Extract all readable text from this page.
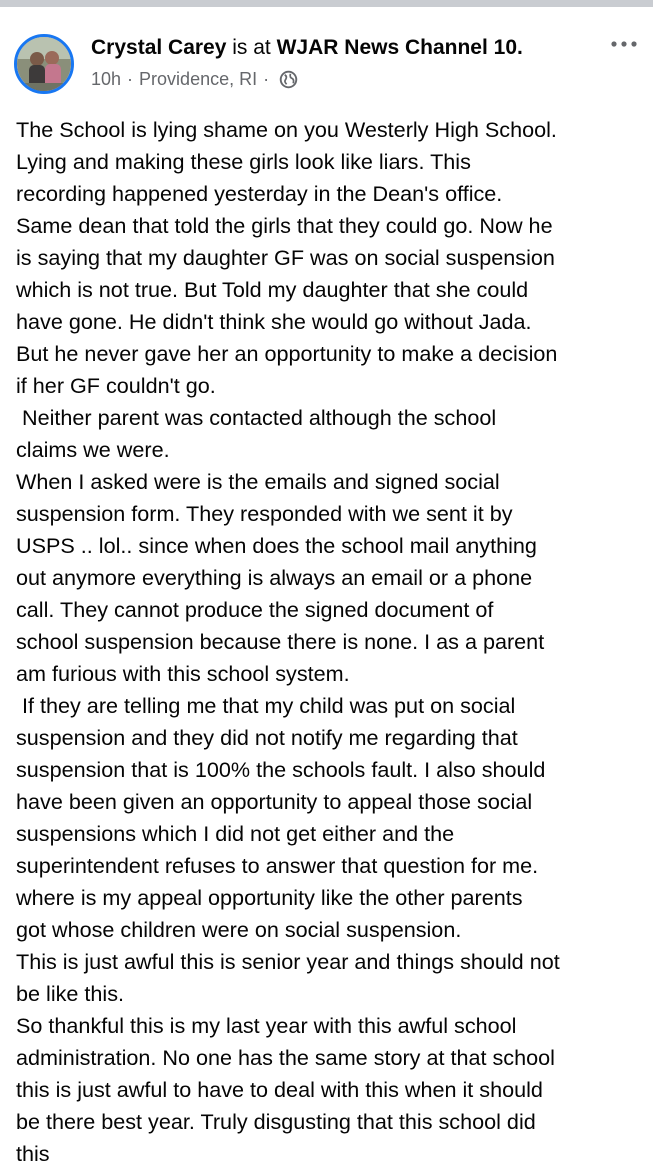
Crystal Carey is at WJAR News Channel 10.
10h · Providence, RI ·
The School is lying shame on you Westerly High School.
Lying and making these girls look like liars. This
recording happened yesterday in the Dean's office.
Same dean that told the girls that they could go. Now he
is saying that my daughter GF was on social suspension
which is not true. But Told my daughter that she could
have gone. He didn't think she would go without Jada.
But he never gave her an opportunity to make a decision
if her GF couldn't go.
Neither parent was contacted although the school
claims we were.
When I asked were is the emails and signed social
suspension form. They responded with we sent it by
USPS .. lol.. since when does the school mail anything
out anymore everything is always an email or a phone
call. They cannot produce the signed document of
school suspension because there is none. I as a parent
am furious with this school system.
If they are telling me that my child was put on social
suspension and they did not notify me regarding that
suspension that is 100% the schools fault. I also should
have been given an opportunity to appeal those social
suspensions which I did not get either and the
superintendent refuses to answer that question for me.
where is my appeal opportunity like the other parents
got whose children were on social suspension.
This is just awful this is senior year and things should not
be like this.
So thankful this is my last year with this awful school
administration. No one has the same story at that school
this is just awful to have to deal with this when it should
be there best year. Truly disgusting that this school did
this
